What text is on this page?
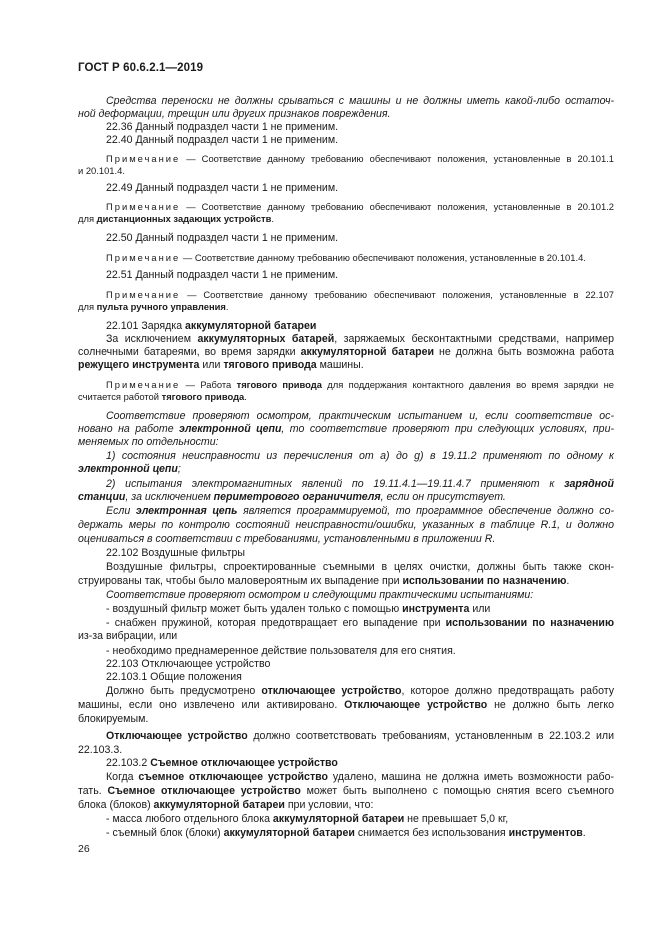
ГОСТ Р 60.6.2.1—2019
Средства переноски не должны срываться с машины и не должны иметь какой-либо остаточ-
ной деформации, трещин или других признаков повреждения.
22.36 Данный подраздел части 1 не применим.
22.40 Данный подраздел части 1 не применим.
Примечание — Соответствие данному требованию обеспечивают положения, установленные в 20.101.1
и 20.101.4.
22.49 Данный подраздел части 1 не применим.
Примечание — Соответствие данному требованию обеспечивают положения, установленные в 20.101.2
для дистанционных задающих устройств.
22.50 Данный подраздел части 1 не применим.
Примечание — Соответствие данному требованию обеспечивают положения, установленные в 20.101.4.
22.51 Данный подраздел части 1 не применим.
Примечание — Соответствие данному требованию обеспечивают положения, установленные в 22.107
для пульта ручного управления.
22.101 Зарядка аккумуляторной батареи
За исключением аккумуляторных батарей, заряжаемых бесконтактными средствами, например
солнечными батареями, во время зарядки аккумуляторной батареи не должна быть возможна работа
режущего инструмента или тягового привода машины.
Примечание — Работа тягового привода для поддержания контактного давления во время зарядки не
считается работой тягового привода.
Соответствие проверяют осмотром, практическим испытанием и, если соответствие ос-
новано на работе электронной цепи, то соответствие проверяют при следующих условиях, при-
меняемых по отдельности:
1) состояния неисправности из перечисления от а) до g) в 19.11.2 применяют по одному к
электронной цепи;
2) испытания электромагнитных явлений по 19.11.4.1—19.11.4.7 применяют к зарядной
станции, за исключением периметрового ограничителя, если он присутствует.
Если электронная цепь является программируемой, то программное обеспечение должно со-
держать меры по контролю состояний неисправности/ошибки, указанных в таблице R.1, и должно
оцениваться в соответствии с требованиями, установленными в приложении R.
22.102 Воздушные фильтры
Воздушные фильтры, спроектированные съемными в целях очистки, должны быть также скон-
струированы так, чтобы было маловероятным их выпадение при использовании по назначению.
Соответствие проверяют осмотром и следующими практическими испытаниями:
- воздушный фильтр может быть удален только с помощью инструмента или
- снабжен пружиной, которая предотвращает его выпадение при использовании по назначению
из-за вибрации, или
- необходимо преднамеренное действие пользователя для его снятия.
22.103 Отключающее устройство
22.103.1 Общие положения
Должно быть предусмотрено отключающее устройство, которое должно предотвращать работу
машины, если оно извлечено или активировано. Отключающее устройство не должно быть легко
блокируемым.
Отключающее устройство должно соответствовать требованиям, установленным в 22.103.2 или
22.103.3.
22.103.2 Съемное отключающее устройство
Когда съемное отключающее устройство удалено, машина не должна иметь возможности рабо-
тать. Съемное отключающее устройство может быть выполнено с помощью снятия всего съемного
блока (блоков) аккумуляторной батареи при условии, что:
- масса любого отдельного блока аккумуляторной батареи не превышает 5,0 кг,
- съемный блок (блоки) аккумуляторной батареи снимается без использования инструментов.
26
